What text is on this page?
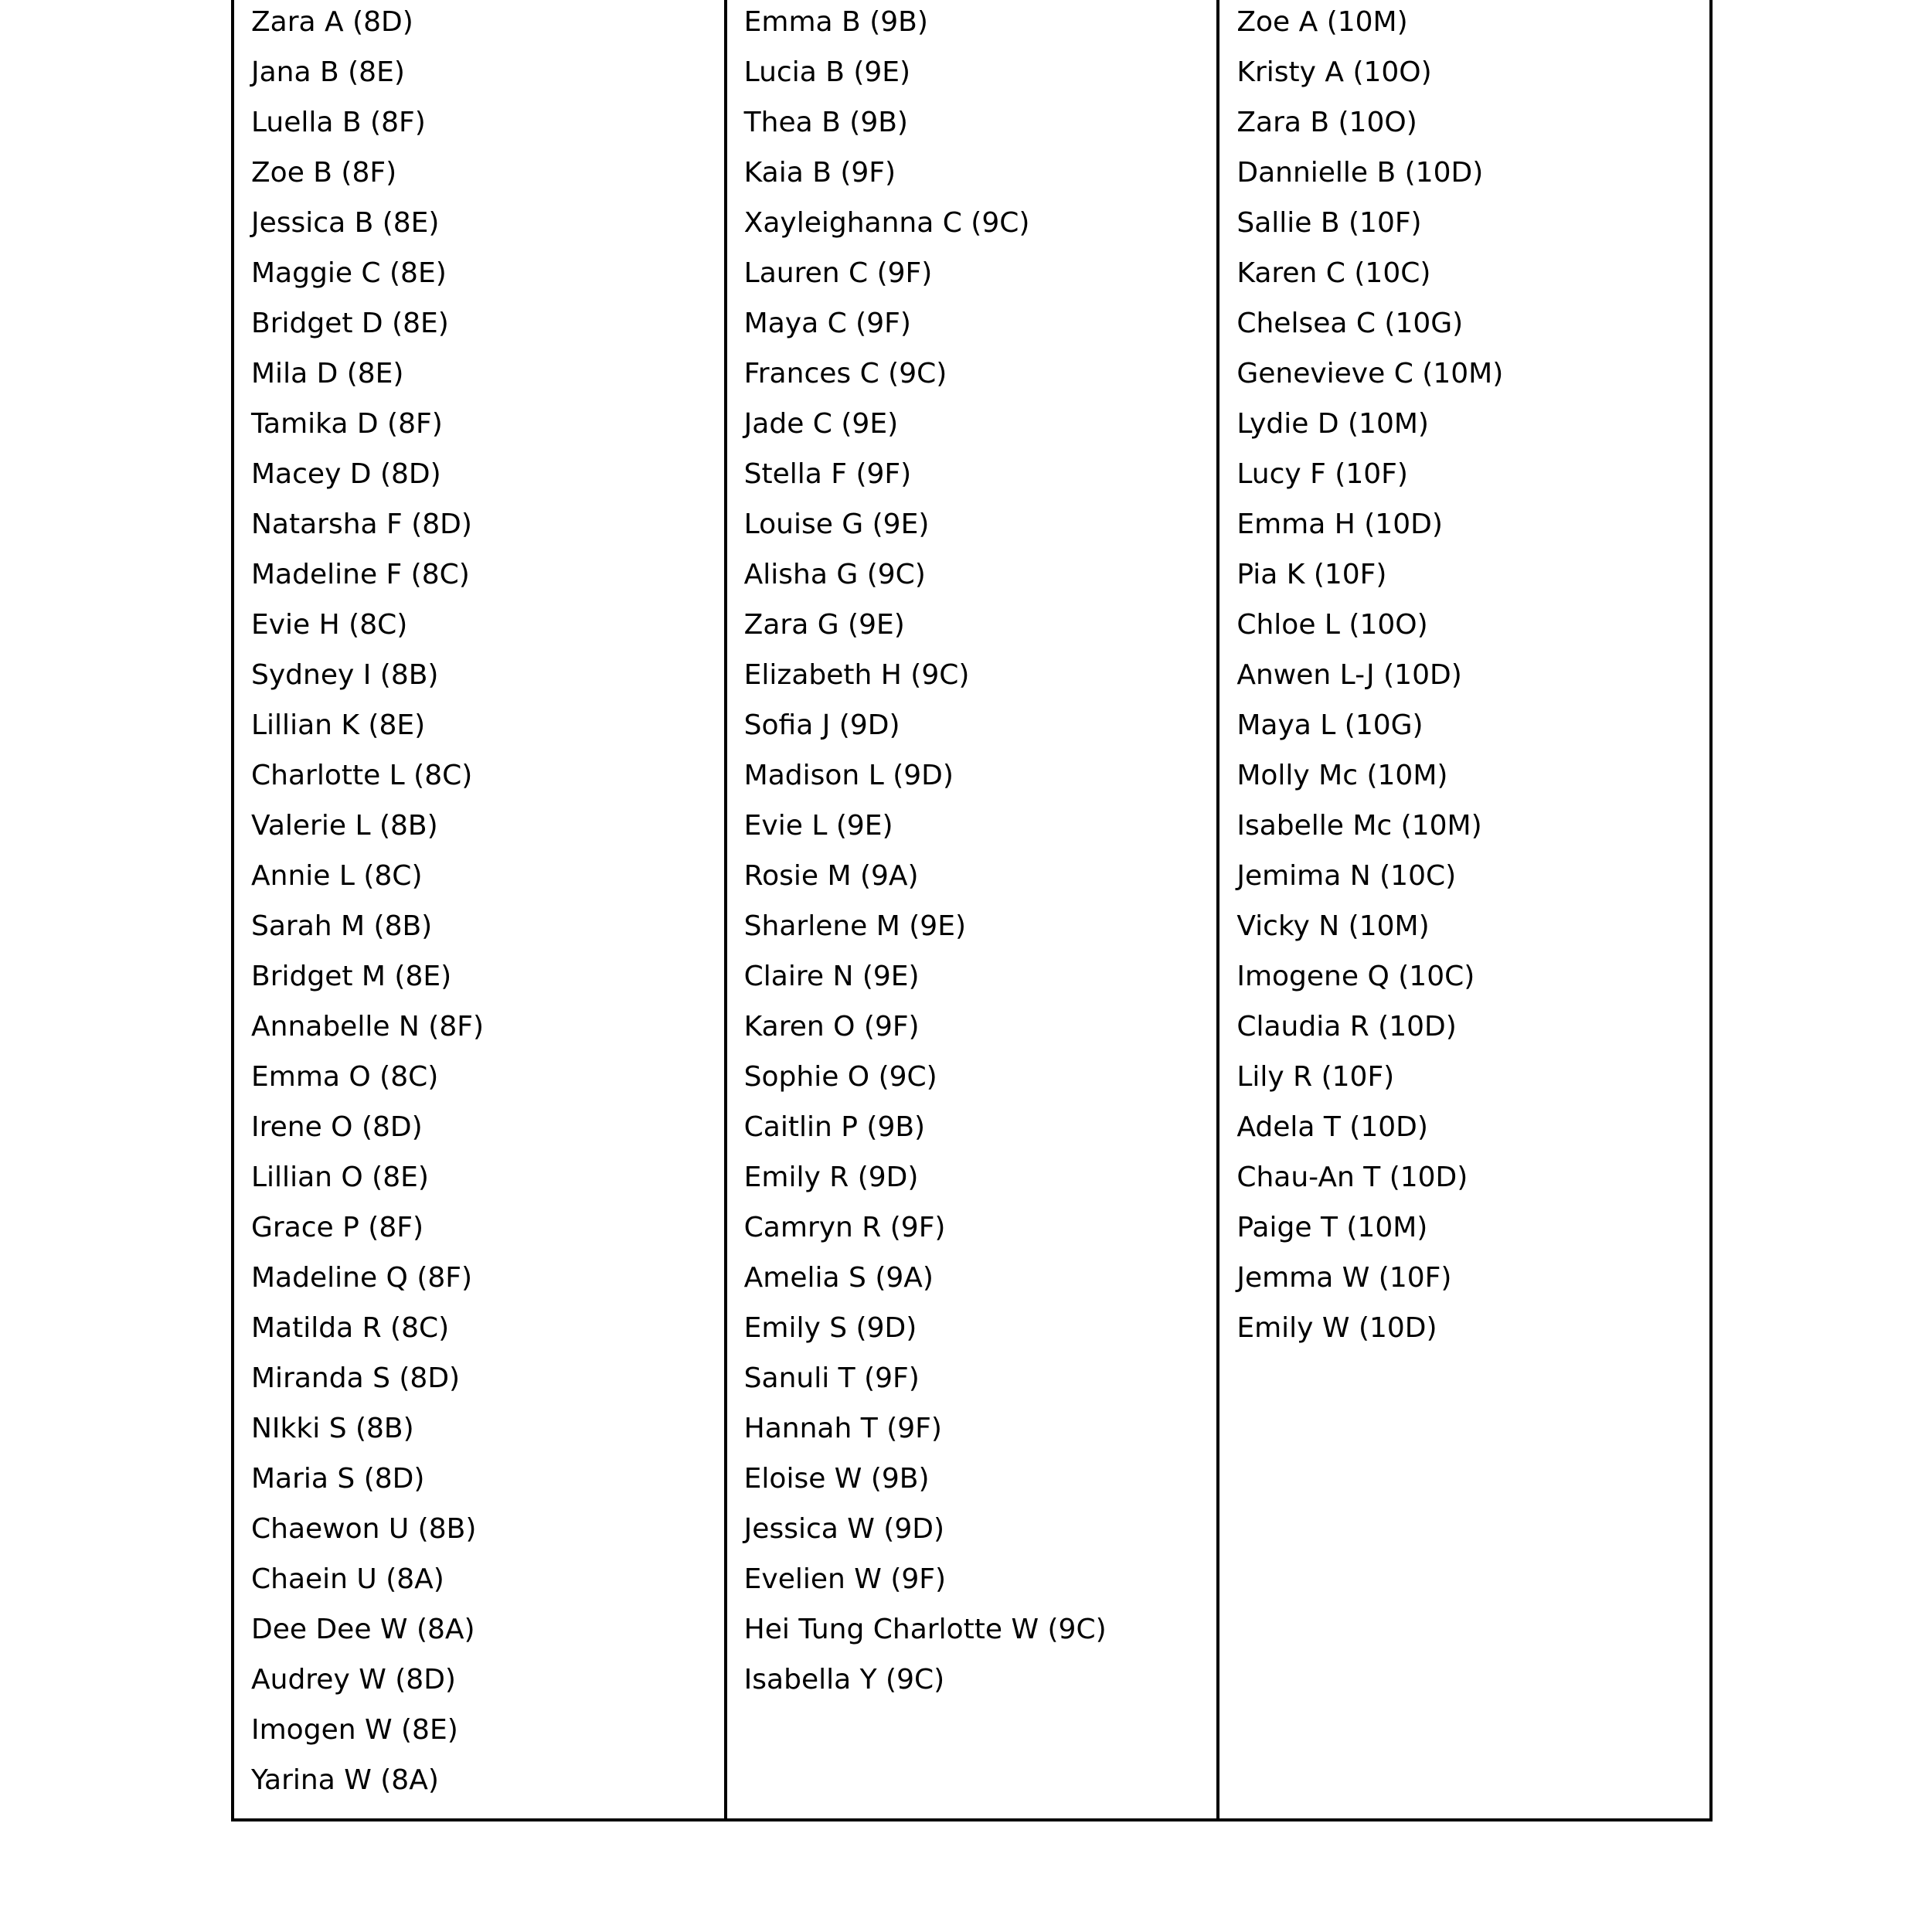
Zara A (8D)
Jana B (8E)
Luella B (8F)
Zoe B (8F)
Jessica B (8E)
Maggie C (8E)
Bridget D (8E)
Mila D (8E)
Tamika D (8F)
Macey D (8D)
Natarsha F (8D)
Madeline F (8C)
Evie H (8C)
Sydney I (8B)
Lillian K (8E)
Charlotte L (8C)
Valerie L (8B)
Annie L (8C)
Sarah M (8B)
Bridget M (8E)
Annabelle N (8F)
Emma O (8C)
Irene O (8D)
Lillian O (8E)
Grace P (8F)
Madeline Q (8F)
Matilda R (8C)
Miranda S (8D)
NIkki S (8B)
Maria S (8D)
Chaewon U (8B)
Chaein U (8A)
Dee Dee W (8A)
Audrey W (8D)
Imogen W (8E)
Yarina W (8A)
Emma B (9B)
Lucia B (9E)
Thea B (9B)
Kaia B (9F)
Xayleighanna C (9C)
Lauren C (9F)
Maya C (9F)
Frances C (9C)
Jade C (9E)
Stella F (9F)
Louise G (9E)
Alisha G (9C)
Zara G (9E)
Elizabeth H (9C)
Sofia J (9D)
Madison L (9D)
Evie L (9E)
Rosie M (9A)
Sharlene M (9E)
Claire N (9E)
Karen O (9F)
Sophie O (9C)
Caitlin P (9B)
Emily R (9D)
Camryn R (9F)
Amelia S (9A)
Emily S (9D)
Sanuli T (9F)
Hannah T (9F)
Eloise W (9B)
Jessica W (9D)
Evelien W (9F)
Hei Tung Charlotte W (9C)
Isabella Y (9C)
Zoe A (10M)
Kristy A (10O)
Zara B (10O)
Dannielle B (10D)
Sallie B (10F)
Karen C (10C)
Chelsea C (10G)
Genevieve C (10M)
Lydie D (10M)
Lucy F (10F)
Emma H (10D)
Pia K (10F)
Chloe L (10O)
Anwen L-J (10D)
Maya L (10G)
Molly Mc (10M)
Isabelle Mc (10M)
Jemima N (10C)
Vicky N (10M)
Imogene Q (10C)
Claudia R (10D)
Lily R (10F)
Adela T (10D)
Chau-An T (10D)
Paige T (10M)
Jemma W (10F)
Emily W (10D)
